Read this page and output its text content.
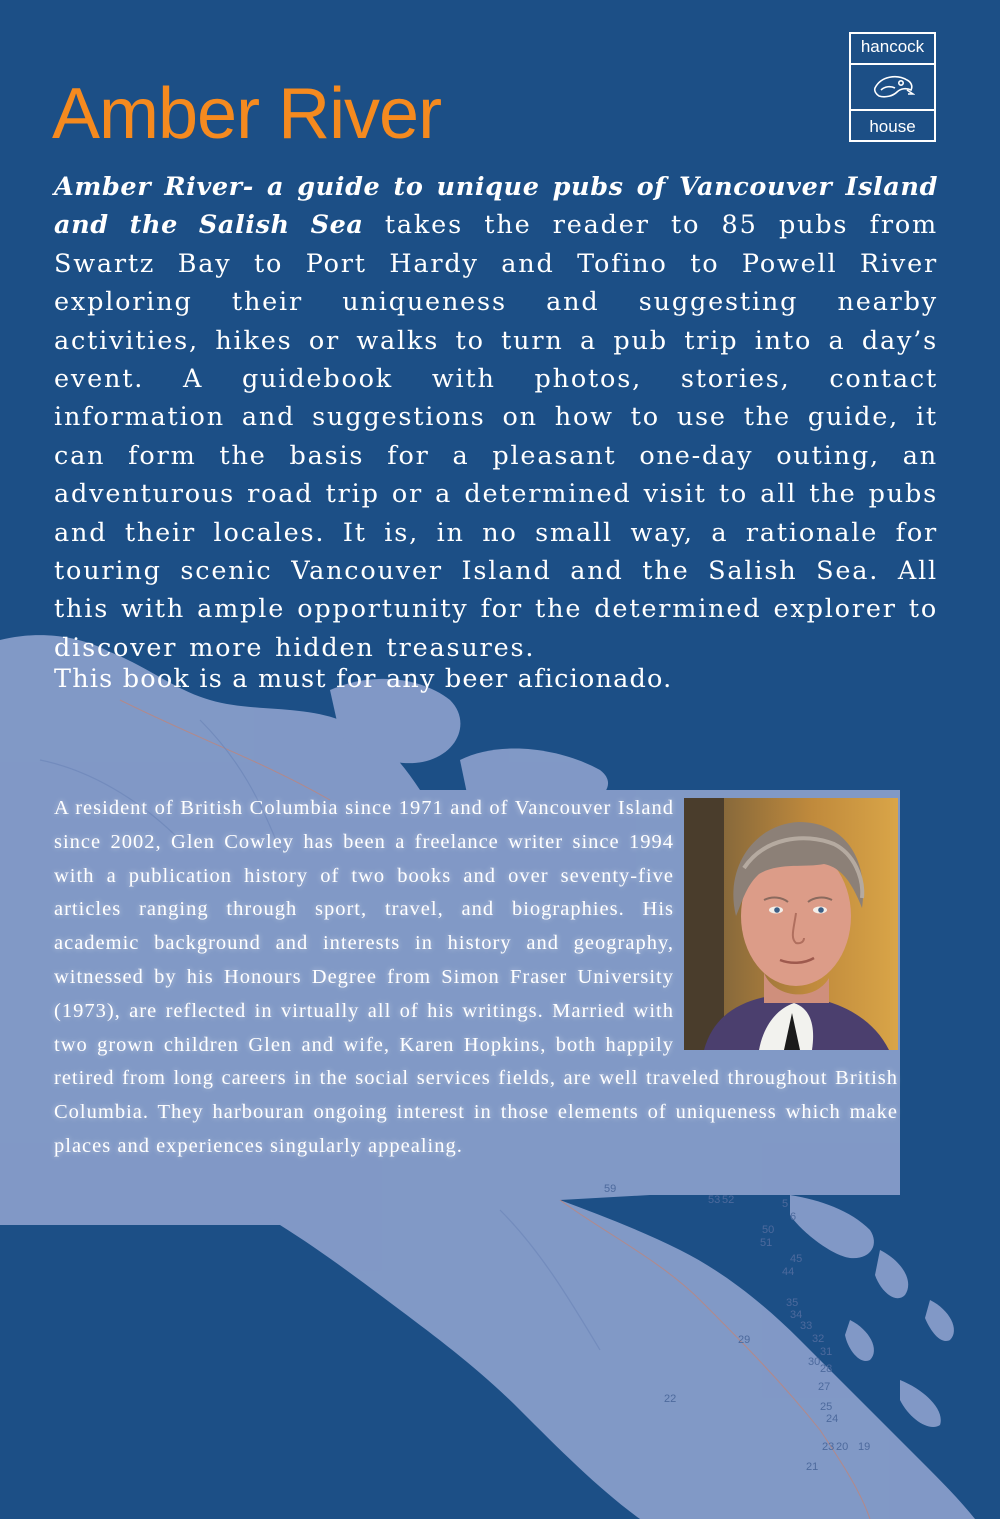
59
53 52
51
50
45
44
35
34
33
32
31
30
29
28
27
25
24
23
22
21
20 19
5
6
hancock
house
Amber River

Amber River- a guide to unique pubs of Vancouver Island and the Salish Sea takes the reader to 85 pubs from Swartz Bay to Port Hardy and Tofino to Powell River exploring their uniqueness and suggesting nearby activities, hikes or walks to turn a pub trip into a day’s event. A guidebook with photos, stories, contact information and suggestions on how to use the guide, it can form the basis for a pleasant one-day outing, an adventurous road trip or a determined visit to all the pubs and their locales. It is, in no small way, a rationale for touring scenic Vancouver Island and the Salish Sea. All this with ample opportunity for the determined explorer to discover more hidden treasures.

This book is a must for any beer aficionado.

A resident of British Columbia since 1971 and of Vancouver Island since 2002, Glen Cowley has been a freelance writer since 1994 with a publication history of two books and over seventy-five articles ranging through sport, travel, and biographies. His academic background and interests in history and geography, witnessed by his Honours Degree from Simon Fraser University (1973), are reflected in virtually all of his writings. Married with two grown children Glen and wife, Karen Hopkins, both happily retired from long careers in the social services fields, are well traveled throughout British Columbia. They harbouran ongoing interest in those elements of uniqueness which make places and experiences singularly appealing.
